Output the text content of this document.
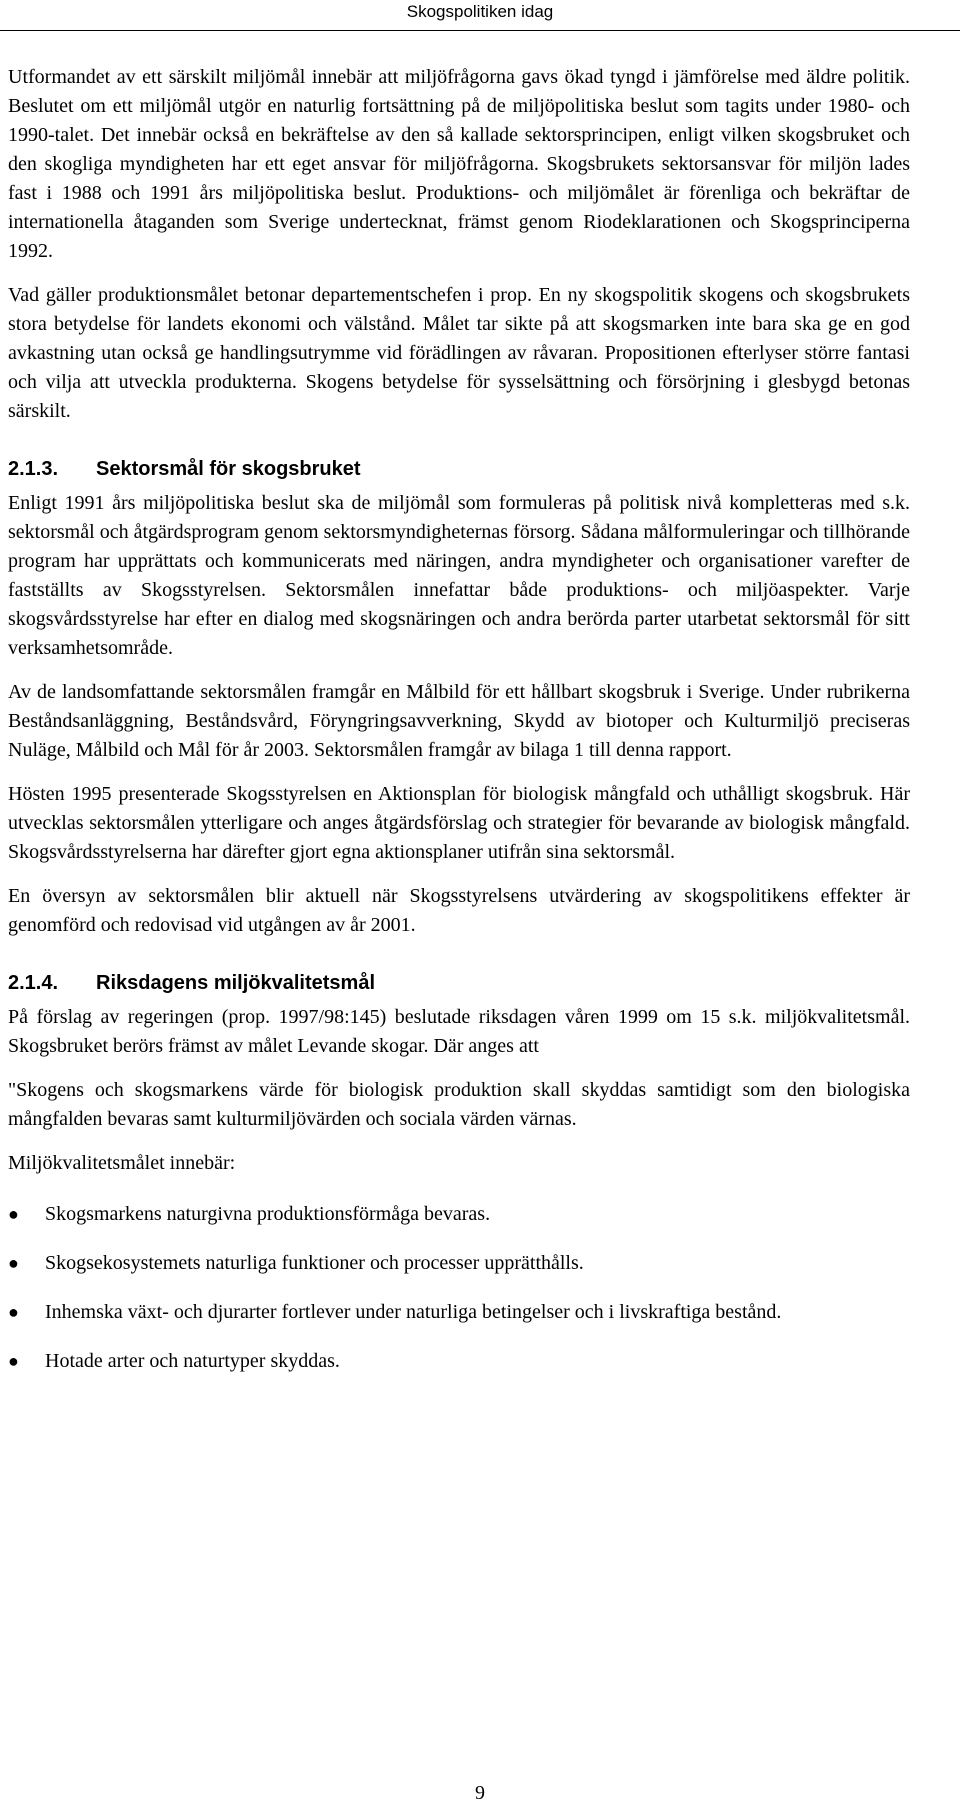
Skogspolitiken idag

Utformandet av ett särskilt miljömål innebär att miljöfrågorna gavs ökad tyngd i jämförelse med äldre politik. Beslutet om ett miljömål utgör en naturlig fortsättning på de miljöpolitiska beslut som tagits under 1980- och 1990-talet. Det innebär också en bekräftelse av den så kallade sektorsprincipen, enligt vilken skogsbruket och den skogliga myndigheten har ett eget ansvar för miljöfrågorna. Skogsbrukets sektorsansvar för miljön lades fast i 1988 och 1991 års miljöpolitiska beslut. Produktions- och miljömålet är förenliga och bekräftar de internationella åtaganden som Sverige undertecknat, främst genom Riodeklarationen och Skogsprinciperna 1992.

Vad gäller produktionsmålet betonar departementschefen i prop. En ny skogspolitik skogens och skogsbrukets stora betydelse för landets ekonomi och välstånd. Målet tar sikte på att skogsmarken inte bara ska ge en god avkastning utan också ge handlingsutrymme vid förädlingen av råvaran. Propositionen efterlyser större fantasi och vilja att utveckla produkterna. Skogens betydelse för sysselsättning och försörjning i glesbygd betonas särskilt.

2.1.3. Sektorsmål för skogsbruket

Enligt 1991 års miljöpolitiska beslut ska de miljömål som formuleras på politisk nivå kompletteras med s.k. sektorsmål och åtgärdsprogram genom sektorsmyndigheternas försorg. Sådana målformuleringar och tillhörande program har upprättats och kommunicerats med näringen, andra myndigheter och organisationer varefter de fastställts av Skogsstyrelsen. Sektorsmålen innefattar både produktions- och miljöaspekter. Varje skogsvårdsstyrelse har efter en dialog med skogsnäringen och andra berörda parter utarbetat sektorsmål för sitt verksamhetsområde.

Av de landsomfattande sektorsmålen framgår en Målbild för ett hållbart skogsbruk i Sverige. Under rubrikerna Beståndsanläggning, Beståndsvård, Föryngringsavverkning, Skydd av biotoper och Kulturmiljö preciseras Nuläge, Målbild och Mål för år 2003. Sektorsmålen framgår av bilaga 1 till denna rapport.

Hösten 1995 presenterade Skogsstyrelsen en Aktionsplan för biologisk mångfald och uthålligt skogsbruk. Här utvecklas sektorsmålen ytterligare och anges åtgärdsförslag och strategier för bevarande av biologisk mångfald. Skogsvårdsstyrelserna har därefter gjort egna aktionsplaner utifrån sina sektorsmål.

En översyn av sektorsmålen blir aktuell när Skogsstyrelsens utvärdering av skogspolitikens effekter är genomförd och redovisad vid utgången av år 2001.

2.1.4. Riksdagens miljökvalitetsmål

På förslag av regeringen (prop. 1997/98:145) beslutade riksdagen våren 1999 om 15 s.k. miljökvalitetsmål. Skogsbruket berörs främst av målet Levande skogar. Där anges att

"Skogens och skogsmarkens värde för biologisk produktion skall skyddas samtidigt som den biologiska mångfalden bevaras samt kulturmiljövärden och sociala värden värnas.

Miljökvalitetsmålet innebär:

● Skogsmarkens naturgivna produktionsförmåga bevaras.
● Skogsekosystemets naturliga funktioner och processer upprätthålls.
● Inhemska växt- och djurarter fortlever under naturliga betingelser och i livskraftiga bestånd.
● Hotade arter och naturtyper skyddas.
9
